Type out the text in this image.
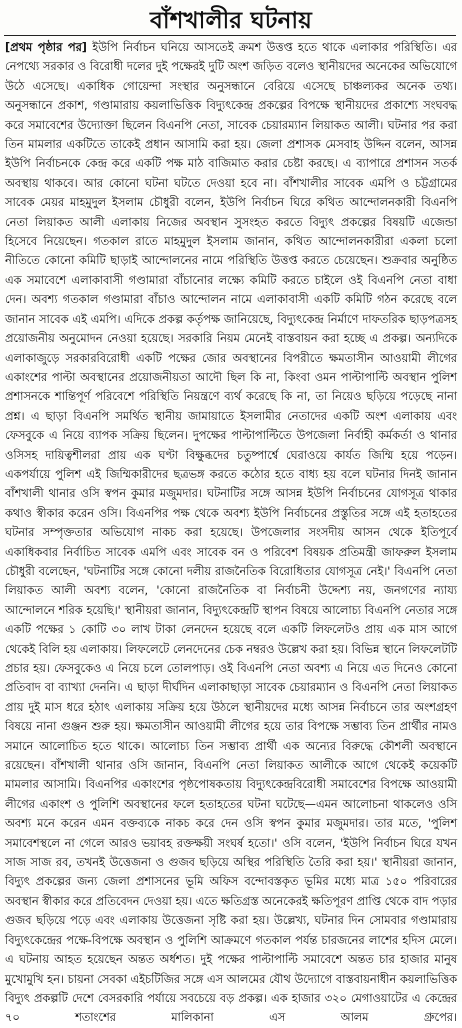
বাঁশখালীর ঘটনায়

[প্রথম পৃষ্ঠার পর] ইউপি নির্বাচন ঘনিয়ে আসতেই ক্রমশ উত্তপ্ত হতে থাকে এলাকার পরিস্থিতি। এর নেপথ্যে সরকার ও বিরোধী দলের দুই পক্ষেরই দুটি অংশ জড়িত বলেও স্থানীয়দের অনেকের অভিযোগে উঠে এসেছে। একাধিক গোয়েন্দা সংস্থার অনুসন্ধানে বেরিয়ে এসেছে চাঞ্চল্যকর অনেক তথ্য। অনুসন্ধানে প্রকাশ, গণ্ডামারায় কয়লাভিত্তিক বিদ্যুৎকেন্দ্র প্রকল্পের বিপক্ষে স্থানীয়দের প্রকাশ্যে সংঘবদ্ধ করে সমাবেশের উদ্যোক্তা ছিলেন বিএনপি নেতা, সাবেক চেয়ারম্যান লিয়াকত আলী। ঘটনার পর করা তিন মামলার একটিতে তাকেই প্রধান আসামি করা হয়। জেলা প্রশাসক মেসবাহ উদ্দিন বলেন, আসন্ন ইউপি নির্বাচনকে কেন্দ্র করে একটি পক্ষ মাঠ বাজিমাত করার চেষ্টা করছে। এ ব্যাপারে প্রশাসন সতর্ক অবস্থায় থাকবে। আর কোনো ঘটনা ঘটতে দেওয়া হবে না। বাঁশখালীর সাবেক এমপি ও চট্টগ্রামের সাবেক মেয়র মাহমুদুল ইসলাম চৌধুরী বলেন, ইউপি নির্বাচন ঘিরে কথিত আন্দোলনকারী বিএনপি নেতা লিয়াকত আলী এলাকায় নিজের অবস্থান সুসংহত করতে বিদ্যুৎ প্রকল্পের বিষয়টি এজেন্ডা হিসেবে নিয়েছেন। গতকাল রাতে মাহমুদুল ইসলাম জানান, কথিত আন্দোলনকারীরা একলা চলো নীতিতে কোনো কমিটি ছাড়াই আন্দোলনের নামে পরিস্থিতি উত্তপ্ত করতে চেয়েছেন। শুক্রবার অনুষ্ঠিত এক সমাবেশে এলাকাবাসী গণ্ডামারা বাঁচানোর লক্ষ্যে কমিটি করতে চাইলে ওই বিএনপি নেতা বাধা দেন। অবশ্য গতকাল গণ্ডামারা বাঁচাও আন্দোলন নামে এলাকাবাসী একটি কমিটি গঠন করেছে বলে জানান সাবেক এই এমপি। এদিকে প্রকল্প কর্তৃপক্ষ জানিয়েছে, বিদ্যুৎকেন্দ্র নির্মাণে দাফতরিক ছাড়পত্রসহ প্রয়োজনীয় অনুমোদন নেওয়া হয়েছে। সরকারি নিয়ম মেনেই বাস্তবায়ন করা হচ্ছে এ প্রকল্প। অন্যদিকে এলাকাজুড়ে সরকারবিরোধী একটি পক্ষের জোর অবস্থানের বিপরীতে ক্ষমতাসীন আওয়ামী লীগের একাংশের পাল্টা অবস্থানের প্রয়োজনীয়তা আদৌ ছিল কি না, কিংবা ওমন পাল্টাপাল্টি অবস্থান পুলিশ প্রশাসনকে শান্তিপূর্ণ পরিবেশে পরিস্থিতি নিয়ন্ত্রণে ব্যর্থ করেছে কি না, তা নিয়েও ছড়িয়ে পড়েছে নানা প্রশ্ন। এ ছাড়া বিএনপি সমর্থিত স্থানীয় জামায়াতে ইসলামীর নেতাদের একটি অংশ এলাকায় এবং ফেসবুকে এ নিয়ে ব্যাপক সক্রিয় ছিলেন। দুপক্ষের পাল্টাপাল্টিতে উপজেলা নির্বাহী কর্মকর্তা ও থানার ওসিসহ দায়িত্বশীলরা প্রায় এক ঘণ্টা বিক্ষুব্ধদের চতুষ্পার্শ্বে ঘেরাওয়ে কার্যত জিম্মি হয়ে পড়েন। একপর্যায়ে পুলিশ এই জিম্মিকারীদের ছত্রভঙ্গ করতে কঠোর হতে বাধ্য হয় বলে ঘটনার দিনই জানান বাঁশখালী থানার ওসি স্বপন কুমার মজুমদার। ঘটনাটির সঙ্গে আসন্ন ইউপি নির্বাচনের যোগসূত্র থাকার কথাও স্বীকার করেন ওসি। বিএনপির পক্ষ থেকে অবশ্য ইউপি নির্বাচনের প্রস্তুতির সঙ্গে এই হতাহতের ঘটনার সম্পৃক্ততার অভিযোগ নাকচ করা হয়েছে। উপজেলার সংসদীয় আসন থেকে ইতিপূর্বে একাধিকবার নির্বাচিত সাবেক এমপি এবং সাবেক বন ও পরিবেশ বিষয়ক প্রতিমন্ত্রী জাফরুল ইসলাম চৌধুরী বলেছেন, 'ঘটনাটির সঙ্গে কোনো দলীয় রাজনৈতিক বিরোধিতার যোগসূত্র নেই।' বিএনপি নেতা লিয়াকত আলী অবশ্য বলেন, 'কোনো রাজনৈতিক বা নির্বাচনী উদ্দেশ্য নয়, জনগণের ন্যায্য আন্দোলনে শরিক হয়েছি।' স্থানীয়রা জানান, বিদ্যুৎকেন্দ্রটি স্থাপন বিষয়ে আলোচ্য বিএনপি নেতার সঙ্গে একটি পক্ষের ১ কোটি ৩০ লাখ টাকা লেনদেন হয়েছে বলে একটি লিফলেটও প্রায় এক মাস আগে থেকেই বিলি হয় এলাকায়। লিফলেটে লেনদেনের চেক নম্বরও উল্লেখ করা হয়। বিভিন্ন স্থানে লিফলেটটি প্রচার হয়। ফেসবুকেও এ নিয়ে চলে তোলপাড়। ওই বিএনপি নেতা অবশ্য এ নিয়ে এত দিনেও কোনো প্রতিবাদ বা ব্যাখ্যা দেননি। এ ছাড়া দীর্ঘদিন এলাকাছাড়া সাবেক চেয়ারম্যান ও বিএনপি নেতা লিয়াকত প্রায় দুই মাস ধরে হঠাৎ এলাকায় সক্রিয় হয়ে উঠলে স্থানীয়দের মধ্যে আসন্ন নির্বাচনে তার অংশগ্রহণ বিষয়ে নানা গুঞ্জন শুরু হয়। ক্ষমতাসীন আওয়ামী লীগের হয়ে তার বিপক্ষে সম্ভাব্য তিন প্রার্থীর নামও সমানে আলোচিত হতে থাকে। আলোচ্য তিন সম্ভাব্য প্রার্থী এক অন্যের বিরুদ্ধে কৌশলী অবস্থানে রয়েছেন। বাঁশখালী থানার ওসি জানান, বিএনপি নেতা লিয়াকত আলীকে আগে থেকেই কয়েকটি মামলার আসামি। বিএনপির একাংশের পৃষ্ঠপোষকতায় বিদ্যুৎকেন্দ্রবিরোধী সমাবেশের বিপক্ষে আওয়ামী লীগের একাংশ ও পুলিশি অবস্থানের ফলে হতাহতের ঘটনা ঘটেছে—এমন আলোচনা থাকলেও ওসি অবশ্য মনে করেন এমন বক্তব্যকে নাকচ করে দেন ওসি স্বপন কুমার মজুমদার। তার মতে, 'পুলিশ সমাবেশস্থলে না গেলে আরও ভয়াবহ রক্তক্ষয়ী সংঘর্ষ হতো।' ওসি বলেন, 'ইউপি নির্বাচন ঘিরে যখন সাজ সাজ রব, তখনই উত্তেজনা ও গুজব ছড়িয়ে অস্থির পরিস্থিতি তৈরি করা হয়।' স্থানীয়রা জানান, বিদ্যুৎ প্রকল্পের জন্য জেলা প্রশাসনের ভূমি অফিস বন্দোবস্তকৃত ভূমির মধ্যে মাত্র ১৫০ পরিবারের অবস্থান স্বীকার করে প্রতিবেদন দেওয়া হয়। এতে ক্ষতিগ্রস্ত অনেকেরই ক্ষতিপূরণ প্রাপ্তি থেকে বাদ পড়ার গুজব ছড়িয়ে পড়ে এবং এলাকায় উত্তেজনা সৃষ্টি করা হয়। উল্লেখ্য, ঘটনার দিন সোমবার গণ্ডামারায় বিদ্যুৎকেন্দ্রের পক্ষে-বিপক্ষে অবস্থান ও পুলিশি আক্রমণে গতকাল পর্যন্ত চারজনের লাশের হদিস মেলে। এ ঘটনায় আহত হয়েছেন অন্তত অর্ধশত। দুই পক্ষের পাল্টাপাল্টি সমাবেশে অন্তত চার হাজার মানুষ মুখোমুখি হন। চায়না সেবকা এইচটিজির সঙ্গে এস আলমের যৌথ উদ্যোগে বাস্তবায়নাধীন কয়লাভিত্তিক বিদ্যুৎ প্রকল্পটি দেশে বেসরকারি পর্যায়ে সবচেয়ে বড় প্রকল্প। এক হাজার ৩২০ মেগাওয়াটের এ কেন্দ্রের ৭০ শতাংশের মালিকানা এস আলম গ্রুপের।
